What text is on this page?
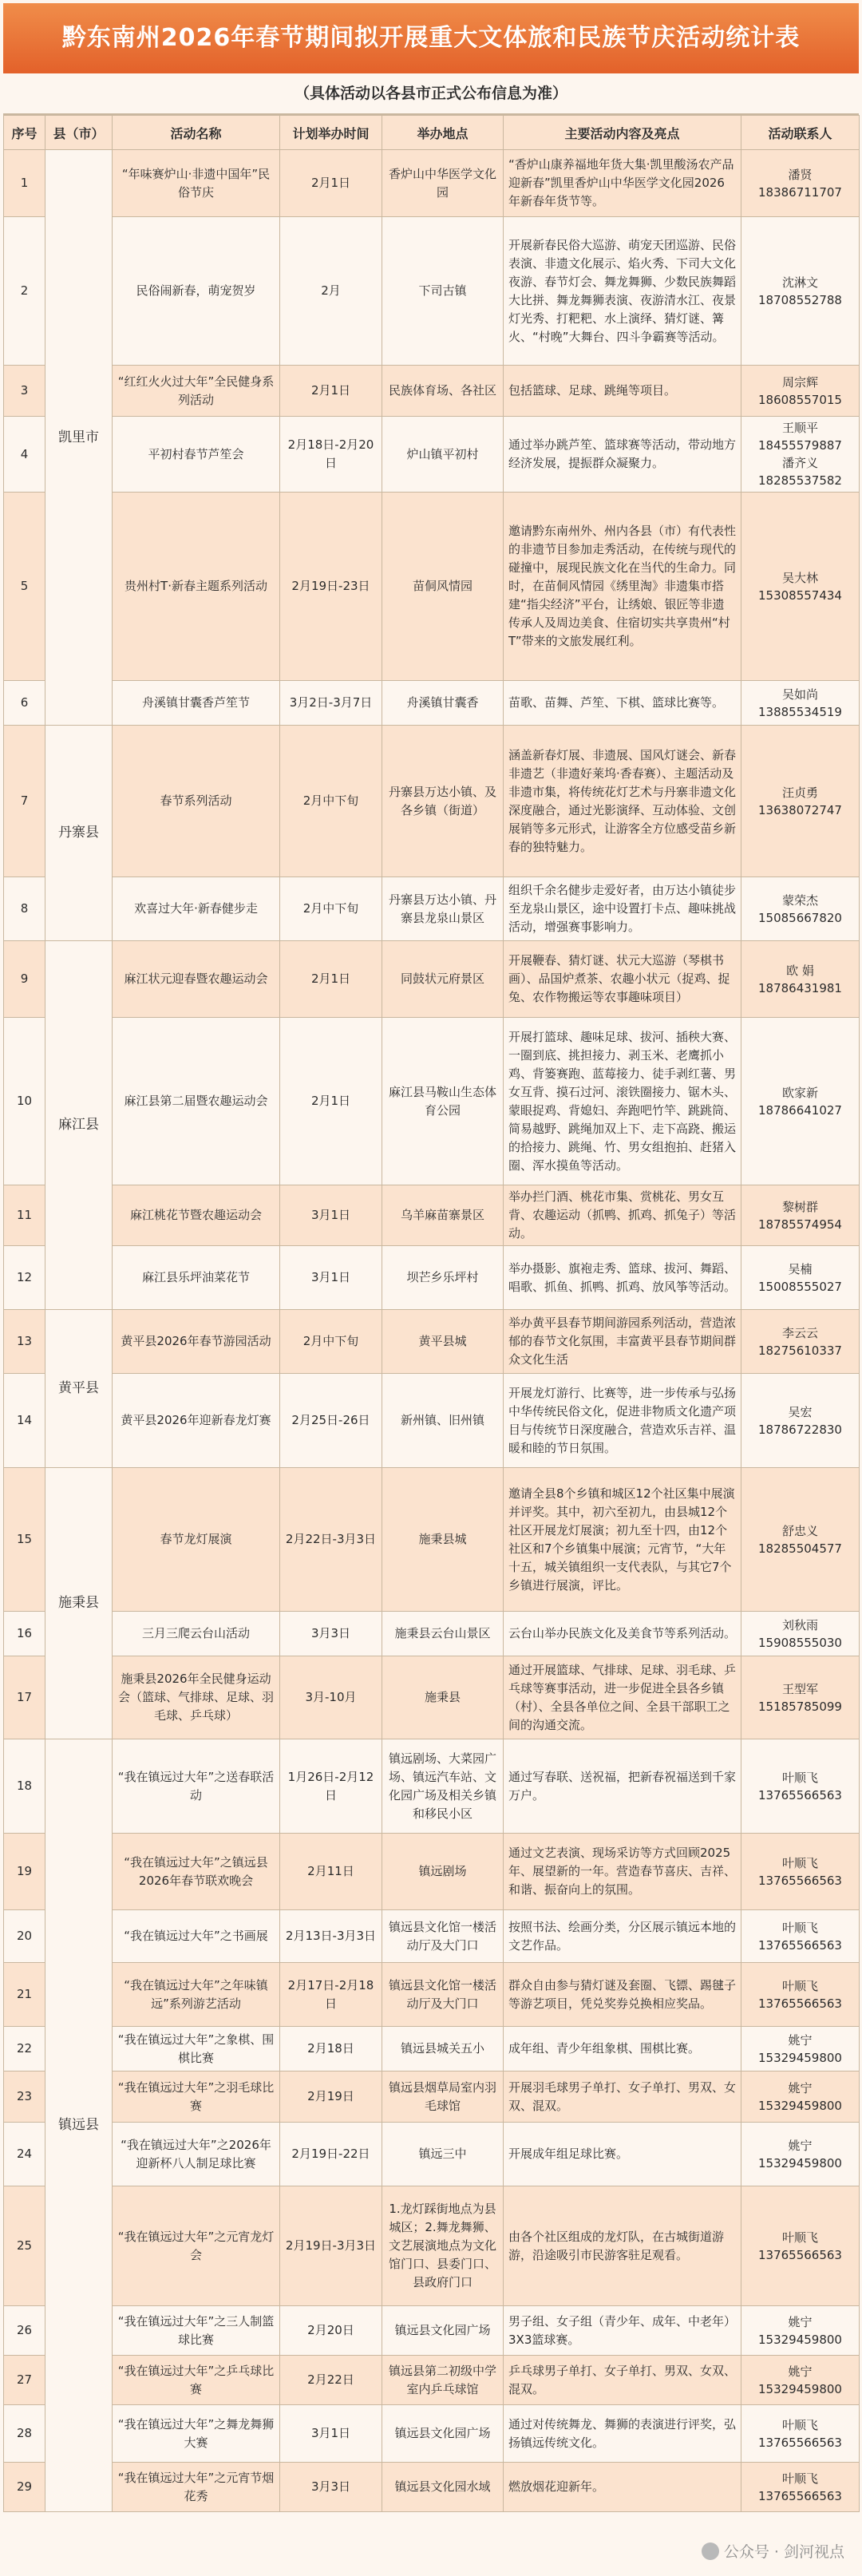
黔东南州2026年春节期间拟开展重大文体旅和民族节庆活动统计表
（具体活动以各县市正式公布信息为准）
序号	县（市）	活动名称	计划举办时间	举办地点	主要活动内容及亮点	活动联系人
1	凯里市	“年味赛炉山·非遗中国年”民俗节庆	2月1日	香炉山中华医学文化园	“香炉山康养福地年货大集·凯里酸汤农产品迎新春”凯里香炉山中华医学文化园2026年新春年货节等。	潘贤
18386711707
2		民俗闹新春，萌宠贺岁	2月	下司古镇	开展新春民俗大巡游、萌宠天团巡游、民俗表演、非遗文化展示、焰火秀、下司大文化夜游、春节灯会、舞龙舞狮、少数民族舞蹈大比拼、舞龙舞狮表演、夜游清水江、夜景灯光秀、打粑粑、水上演绎、猜灯谜、篝火、“村晚”大舞台、四斗争霸赛等活动。	沈淋文
18708552788
3		“红红火火过大年”全民健身系列活动	2月1日	民族体育场、各社区	包括篮球、足球、跳绳等项目。	周宗辉
18608557015
4		平初村春节芦笙会	2月18日-2月20日	炉山镇平初村	通过举办跳芦笙、篮球赛等活动，带动地方经济发展，提振群众凝聚力。	王顺平
18455579887
潘齐义
18285537582
5		贵州村T·新春主题系列活动	2月19日-23日	苗侗风情园	邀请黔东南州外、州内各县（市）有代表性的非遗节目参加走秀活动，在传统与现代的碰撞中，展现民族文化在当代的生命力。同时，在苗侗风情园《绣里淘》非遗集市搭建“指尖经济”平台，让绣娘、银匠等非遗传承人及周边美食、住宿切实共享贵州“村T”带来的文旅发展红利。	吴大林
15308557434
6		舟溪镇甘囊香芦笙节	3月2日-3月7日	舟溪镇甘囊香	苗歌、苗舞、芦笙、下棋、篮球比赛等。	吴如尚
13885534519
7	丹寨县	春节系列活动	2月中下旬	丹寨县万达小镇、及各乡镇（街道）	涵盖新春灯展、非遗展、国风灯谜会、新春非遗艺（非遗好莱坞·香春赛）、主题活动及非遗市集，将传统花灯艺术与丹寨非遗文化深度融合，通过光影演绎、互动体验、文创展销等多元形式，让游客全方位感受苗乡新春的独特魅力。	汪贞勇
13638072747
8		欢喜过大年·新春健步走	2月中下旬	丹寨县万达小镇、丹寨县龙泉山景区	组织千余名健步走爱好者，由万达小镇徒步至龙泉山景区，途中设置打卡点、趣味挑战活动，增强赛事影响力。	蒙荣杰
15085667820
9	麻江县	麻江状元迎春暨农趣运动会	2月1日	同鼓状元府景区	开展鞭春、猜灯谜、状元大巡游（琴棋书画）、品国炉煮茶、农趣小状元（捉鸡、捉兔、农作物搬运等农事趣味项目）	欧 娟
18786431981
10		麻江县第二届暨农趣运动会	2月1日	麻江县马鞍山生态体育公园	开展打篮球、趣味足球、拔河、插秧大赛、一圈到底、挑担接力、剥玉米、老鹰抓小鸡、背篓赛跑、蓝莓接力、徒手剥红薯、男女互背、摸石过河、滚铁圈接力、锯木头、蒙眼捉鸡、背媳妇、奔跑吧竹竿、跳跳筒、简易越野、跳绳加双上下、走下高跷、搬运的拾接力、跳绳、竹、男女组抱拍、赶猪入圈、浑水摸鱼等活动。	欧家新
18786641027
11		麻江桃花节暨农趣运动会	3月1日	乌羊麻苗寨景区	举办拦门酒、桃花市集、赏桃花、男女互背、农趣运动（抓鸭、抓鸡、抓兔子）等活动。	黎树群
18785574954
12		麻江县乐坪油菜花节	3月1日	坝芒乡乐坪村	举办摄影、旗袍走秀、篮球、拔河、舞蹈、唱歌、抓鱼、抓鸭、抓鸡、放风筝等活动。	吴楠
15008555027
13	黄平县	黄平县2026年春节游园活动	2月中下旬	黄平县城	举办黄平县春节期间游园系列活动，营造浓郁的春节文化氛围，丰富黄平县春节期间群众文化生活	李云云
18275610337
14		黄平县2026年迎新春龙灯赛	2月25日-26日	新州镇、旧州镇	开展龙灯游行、比赛等，进一步传承与弘扬中华传统民俗文化，促进非物质文化遗产项目与传统节日深度融合，营造欢乐吉祥、温暖和睦的节日氛围。	吴宏
18786722830
15	施秉县	春节龙灯展演	2月22日-3月3日	施秉县城	邀请全县8个乡镇和城区12个社区集中展演并评奖。其中，初六至初九，由县城12个社区开展龙灯展演；初九至十四，由12个社区和7个乡镇集中展演；元宵节，“大年十五，城关镇组织一支代表队，与其它7个乡镇进行展演，评比。	舒忠义
18285504577
16		三月三爬云台山活动	3月3日	施秉县云台山景区	云台山举办民族文化及美食节等系列活动。	刘秋雨
15908555030
17		施秉县2026年全民健身运动会（篮球、气排球、足球、羽毛球、乒乓球）	3月-10月	施秉县	通过开展篮球、气排球、足球、羽毛球、乒乓球等赛事活动，进一步促进全县各乡镇（村）、全县各单位之间、全县干部职工之间的沟通交流。	王型军
15185785099
18	镇远县	“我在镇远过大年”之送春联活动	1月26日-2月12日	镇远剧场、大菜园广场、镇远汽车站、文化园广场及相关乡镇和移民小区	通过写春联、送祝福，把新春祝福送到千家万户。	叶顺飞
13765566563
19		“我在镇远过大年”之镇远县2026年春节联欢晚会	2月11日	镇远剧场	通过文艺表演、现场采访等方式回顾2025年、展望新的一年。营造春节喜庆、吉祥、和谐、振奋向上的氛围。	叶顺飞
13765566563
20		“我在镇远过大年”之书画展	2月13日-3月3日	镇远县文化馆一楼活动厅及大门口	按照书法、绘画分类，分区展示镇远本地的文艺作品。	叶顺飞
13765566563
21		“我在镇远过大年”之年味镇远”系列游艺活动	2月17日-2月18日	镇远县文化馆一楼活动厅及大门口	群众自由参与猜灯谜及套圈、飞镖、踢毽子等游艺项目，凭兑奖券兑换相应奖品。	叶顺飞
13765566563
22		“我在镇远过大年”之象棋、围棋比赛	2月18日	镇远县城关五小	成年组、青少年组象棋、围棋比赛。	姚宁
15329459800
23		“我在镇远过大年”之羽毛球比赛	2月19日	镇远县烟草局室内羽毛球馆	开展羽毛球男子单打、女子单打、男双、女双、混双。	姚宁
15329459800
24		“我在镇远过大年”之2026年迎新杯八人制足球比赛	2月19日-22日	镇远三中	开展成年组足球比赛。	姚宁
15329459800
25		“我在镇远过大年”之元宵龙灯会	2月19日-3月3日	1.龙灯踩街地点为县城区；2.舞龙舞狮、文艺展演地点为文化馆门口、县委门口、县政府门口	由各个社区组成的龙灯队，在古城街道游游，沿途吸引市民游客驻足观看。	叶顺飞
13765566563
26		“我在镇远过大年”之三人制篮球比赛	2月20日	镇远县文化园广场	男子组、女子组（青少年、成年、中老年）3X3篮球赛。	姚宁
15329459800
27		“我在镇远过大年”之乒乓球比赛	2月22日	镇远县第二初级中学室内乒乓球馆	乒乓球男子单打、女子单打、男双、女双、混双。	姚宁
15329459800
28		“我在镇远过大年”之舞龙舞狮大赛	3月1日	镇远县文化园广场	通过对传统舞龙、舞狮的表演进行评奖，弘扬镇远传统文化。	叶顺飞
13765566563
29		“我在镇远过大年”之元宵节烟花秀	3月3日	镇远县文化园水域	燃放烟花迎新年。	叶顺飞
13765566563
公众号 · 剑河视点
